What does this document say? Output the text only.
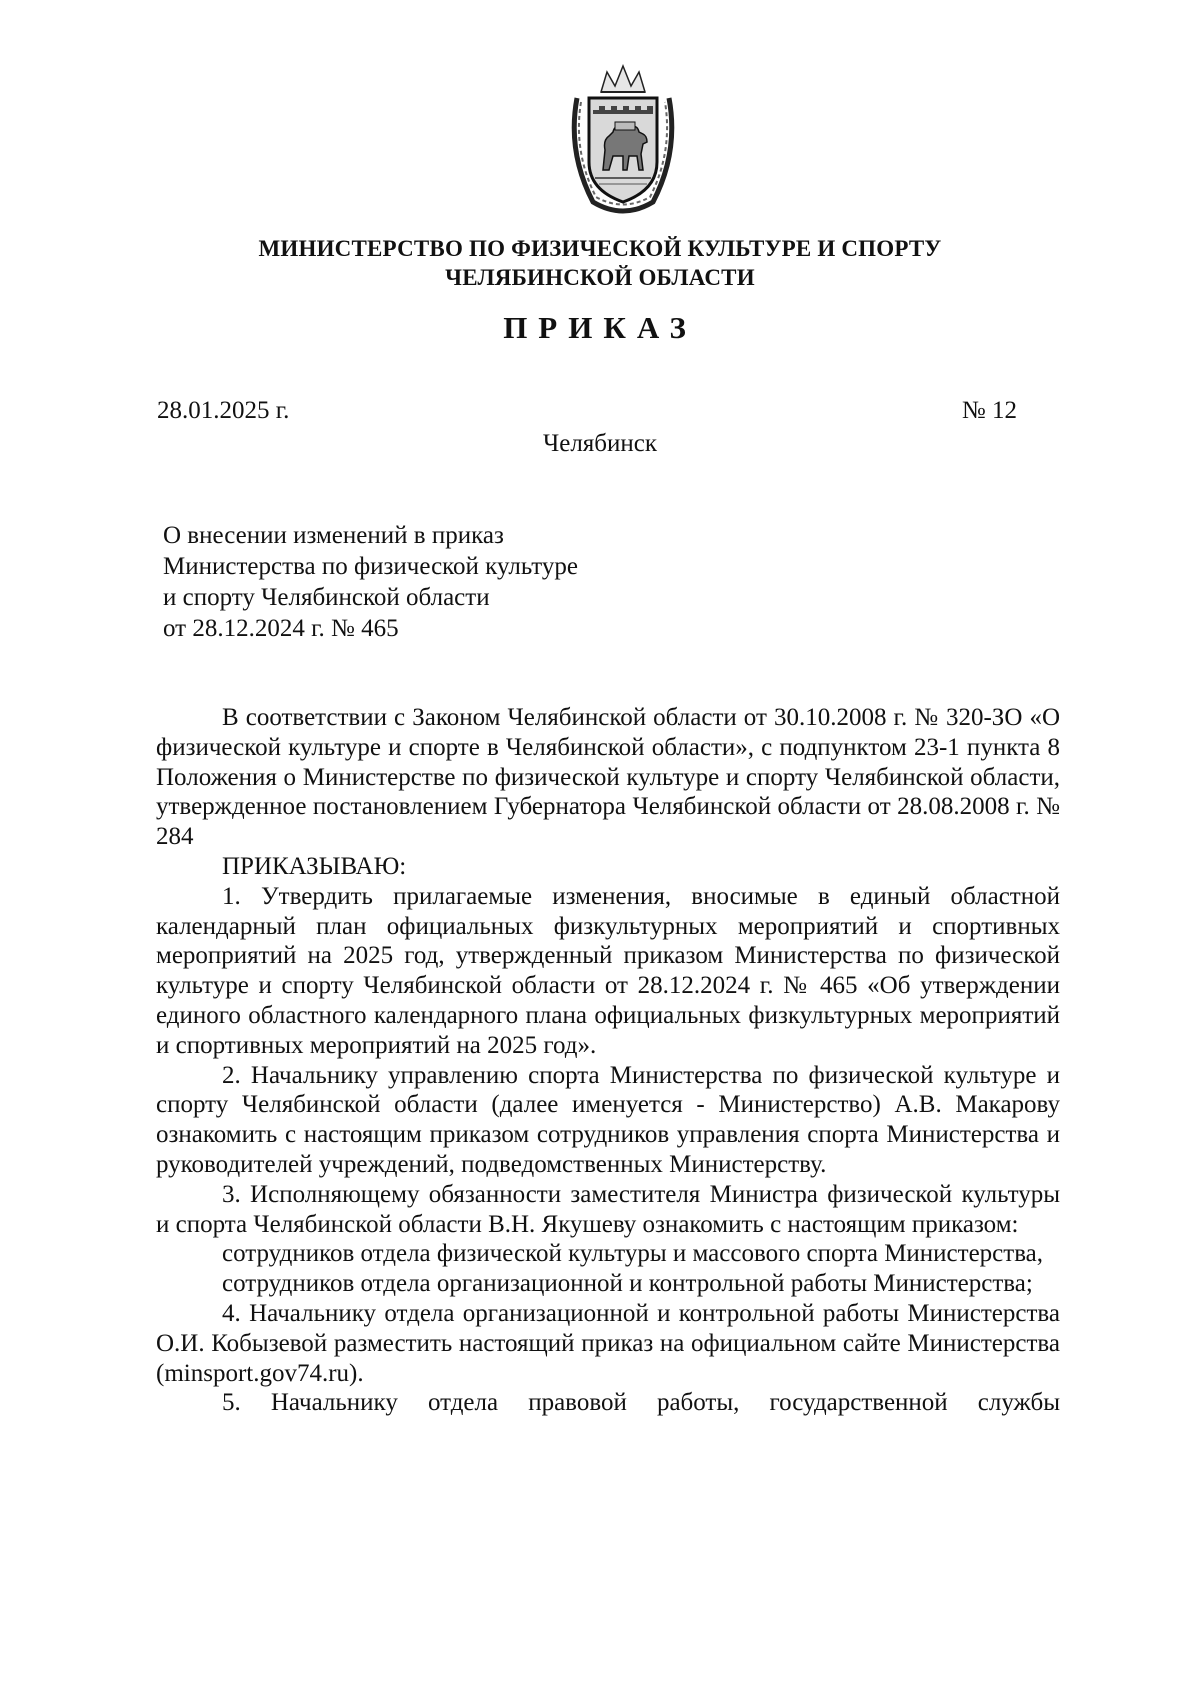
МИНИСТЕРСТВО ПО ФИЗИЧЕСКОЙ КУЛЬТУРЕ И СПОРТУ
ЧЕЛЯБИНСКОЙ ОБЛАСТИ
ПРИКАЗ
28.01.2025 г.	№ 12
Челябинск
О внесении изменений в приказ
Министерства по физической культуре
и спорту Челябинской области
от 28.12.2024 г. № 465

В соответствии с Законом Челябинской области от 30.10.2008 г. № 320-ЗО «О физической культуре и спорте в Челябинской области», с подпунктом 23-1 пункта 8 Положения о Министерстве по физической культуре и спорту Челябинской области, утвержденное постановлением Губернатора Челябинской области от 28.08.2008 г. № 284

ПРИКАЗЫВАЮ:

1. Утвердить прилагаемые изменения, вносимые в единый областной календарный план официальных физкультурных мероприятий и спортивных мероприятий на 2025 год, утвержденный приказом Министерства по физической культуре и спорту Челябинской области от 28.12.2024 г. № 465 «Об утверждении единого областного календарного плана официальных физкультурных мероприятий и спортивных мероприятий на 2025 год».

2. Начальнику управлению спорта Министерства по физической культуре и спорту Челябинской области (далее именуется - Министерство) А.В. Макарову ознакомить с настоящим приказом сотрудников управления спорта Министерства и руководителей учреждений, подведомственных Министерству.

3. Исполняющему обязанности заместителя Министра физической культуры и спорта Челябинской области В.Н. Якушеву ознакомить с настоящим приказом:

сотрудников отдела физической культуры и массового спорта Министерства,

сотрудников отдела организационной и контрольной работы Министерства;

4. Начальнику отдела организационной и контрольной работы Министерства О.И. Кобызевой разместить настоящий приказ на официальном сайте Министерства (minsport.gov74.ru).

5. Начальнику отдела правовой работы, государственной службы
